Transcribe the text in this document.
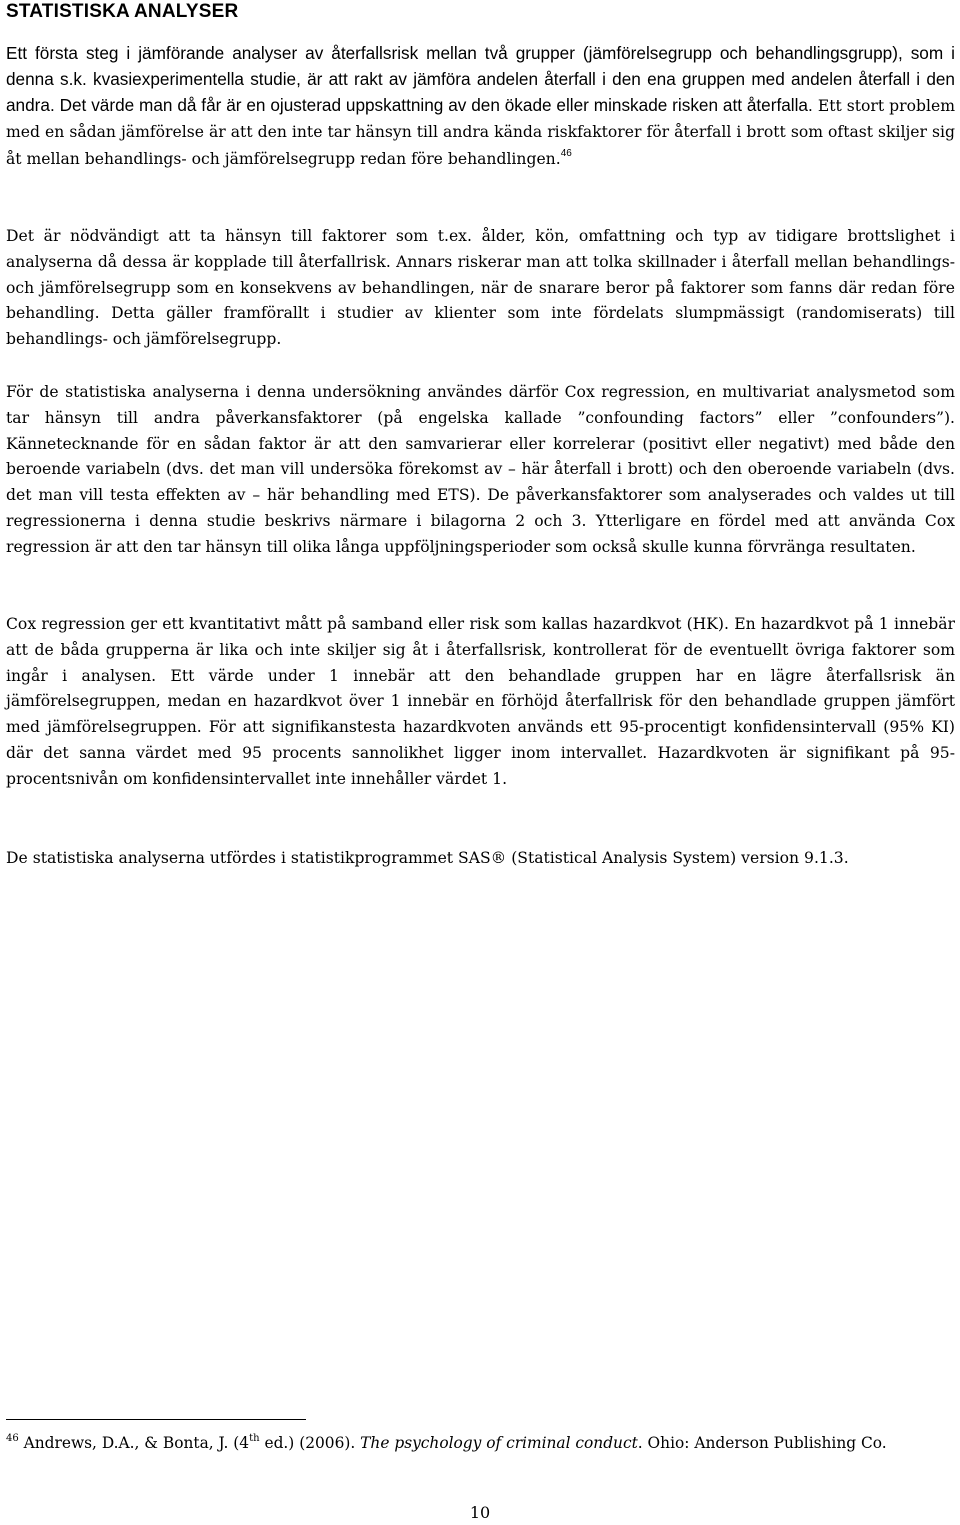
STATISTISKA ANALYSER

Ett första steg i jämförande analyser av återfallsrisk mellan två grupper (jämförelsegrupp och behandlingsgrupp), som i denna s.k. kvasiexperimentella studie, är att rakt av jämföra andelen återfall i den ena gruppen med andelen återfall i den andra. Det värde man då får är en ojusterad uppskattning av den ökade eller minskade risken att återfalla. Ett stort problem med en sådan jämförelse är att den inte tar hänsyn till andra kända riskfaktorer för återfall i brott som oftast skiljer sig åt mellan behandlings- och jämförelsegrupp redan före behandlingen.$^{46}$

Det är nödvändigt att ta hänsyn till faktorer som t.ex. ålder, kön, omfattning och typ av tidigare brottslighet i analyserna då dessa är kopplade till återfallrisk. Annars riskerar man att tolka skillnader i återfall mellan behandlings- och jämförelsegrupp som en konsekvens av behandlingen, när de snarare beror på faktorer som fanns där redan före behandling. Detta gäller framförallt i studier av klienter som inte fördelats slumpmässigt (randomiserats) till behandlings- och jämförelsegrupp.

För de statistiska analyserna i denna undersökning användes därför Cox regression, en multivariat analysmetod som tar hänsyn till andra påverkansfaktorer (på engelska kallade ”confounding factors” eller ”confounders”). Kännetecknande för en sådan faktor är att den samvarierar eller korrelerar (positivt eller negativt) med både den beroende variabeln (dvs. det man vill undersöka förekomst av – här återfall i brott) och den oberoende variabeln (dvs. det man vill testa effekten av – här behandling med ETS). De påverkansfaktorer som analyserades och valdes ut till regressionerna i denna studie beskrivs närmare i bilagorna 2 och 3. Ytterligare en fördel med att använda Cox regression är att den tar hänsyn till olika långa uppföljningsperioder som också skulle kunna förvränga resultaten.

Cox regression ger ett kvantitativt mått på samband eller risk som kallas hazardkvot (HK). En hazardkvot på 1 innebär att de båda grupperna är lika och inte skiljer sig åt i återfallsrisk, kontrollerat för de eventuellt övriga faktorer som ingår i analysen. Ett värde under 1 innebär att den behandlade gruppen har en lägre återfallsrisk än jämförelsegruppen, medan en hazardkvot över 1 innebär en förhöjd återfallrisk för den behandlade gruppen jämfört med jämförelsegruppen. För att signifikanstesta hazardkvoten används ett 95-procentigt konfidensintervall (95% KI) där det sanna värdet med 95 procents sannolikhet ligger inom intervallet. Hazardkvoten är signifikant på 95-procentsnivån om konfidensintervallet inte innehåller värdet 1.

De statistiska analyserna utfördes i statistikprogrammet SAS® (Statistical Analysis System) version 9.1.3.

$^{46}$ Andrews, D.A., & Bonta, J. (4th ed.) (2006). The psychology of criminal conduct. Ohio: Anderson Publishing Co.

10
